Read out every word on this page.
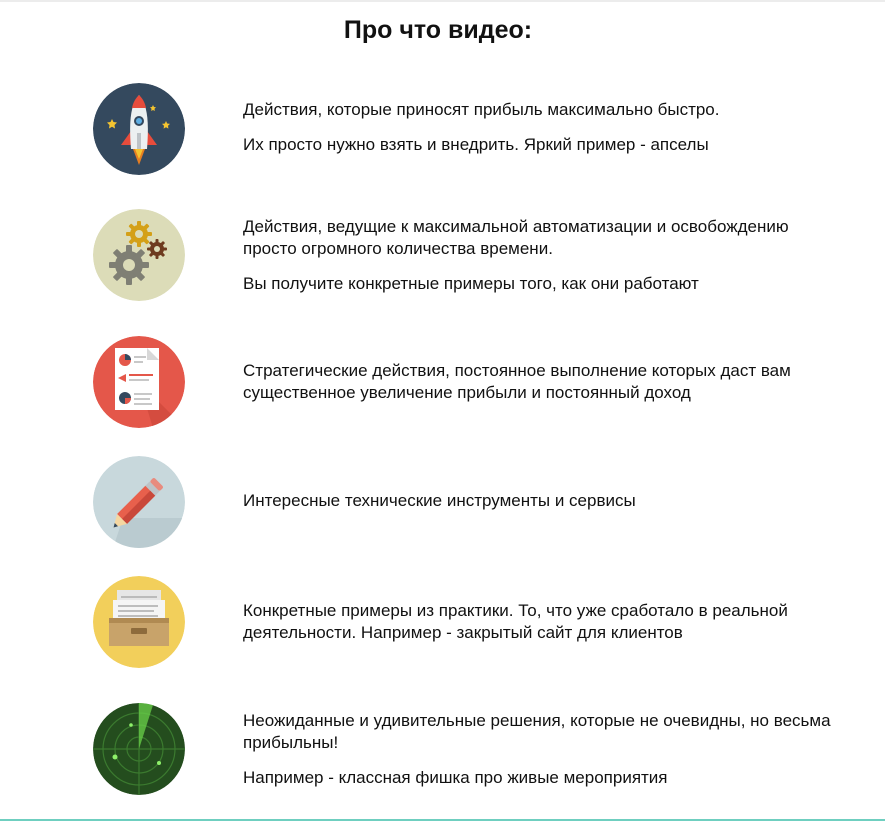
Про что видео:

Действия, которые приносят прибыль максимально быстро.

Их просто нужно взять и внедрить. Яркий пример - апселы

Действия, ведущие к максимальной автоматизации и освобождению просто огромного количества времени.

Вы получите конкретные примеры того, как они работают

Стратегические действия, постоянное выполнение которых даст вам существенное увеличение прибыли и постоянный доход

Интересные технические инструменты и сервисы

Конкретные примеры из практики. То, что уже сработало в реальной деятельности. Например - закрытый сайт для клиентов

Неожиданные и удивительные решения, которые не очевидны, но весьма прибыльны!

Например - классная фишка про живые мероприятия
